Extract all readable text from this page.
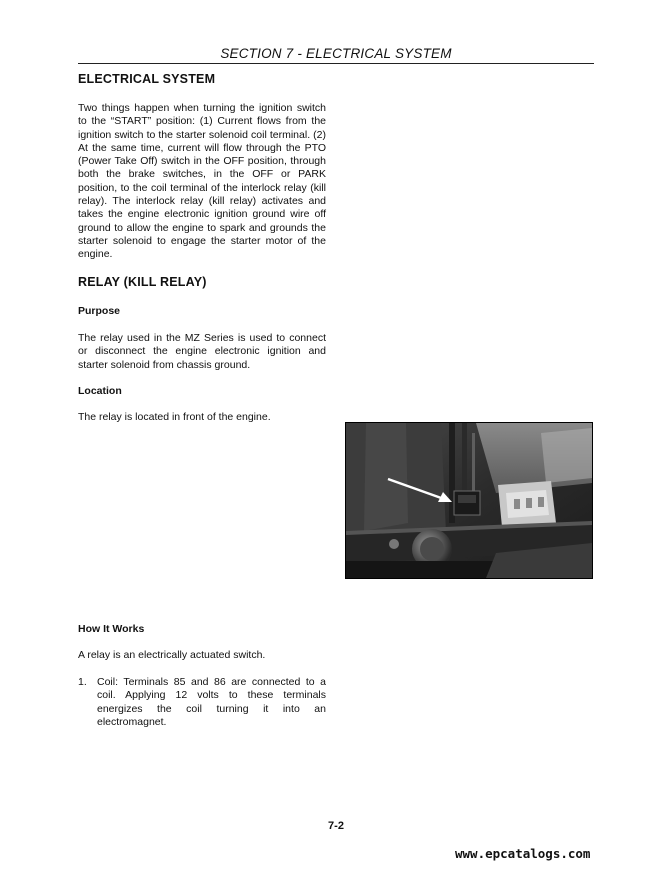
SECTION 7 - ELECTRICAL SYSTEM
ELECTRICAL SYSTEM
Two things happen when turning the ignition switch to the “START” position: (1) Current flows from the ignition switch to the starter solenoid coil terminal. (2) At the same time, current will flow through the PTO (Power Take Off) switch in the OFF position, through both the brake switches, in the OFF or PARK position, to the coil terminal of the interlock relay (kill relay). The interlock relay (kill relay) activates and takes the engine electronic ignition ground wire off ground to allow the engine to spark and grounds the starter solenoid to engage the starter motor of the engine.
RELAY (KILL RELAY)
Purpose
The relay used in the MZ Series is used to connect or disconnect the engine electronic ignition and starter solenoid from chassis ground.
Location
The relay is located in front of the engine.
How It Works
A relay is an electrically actuated switch.
1. Coil: Terminals 85 and 86 are connected to a coil. Applying 12 volts to these terminals energizes the coil turning it into an electromagnet.
7-2
www.epcatalogs.com
